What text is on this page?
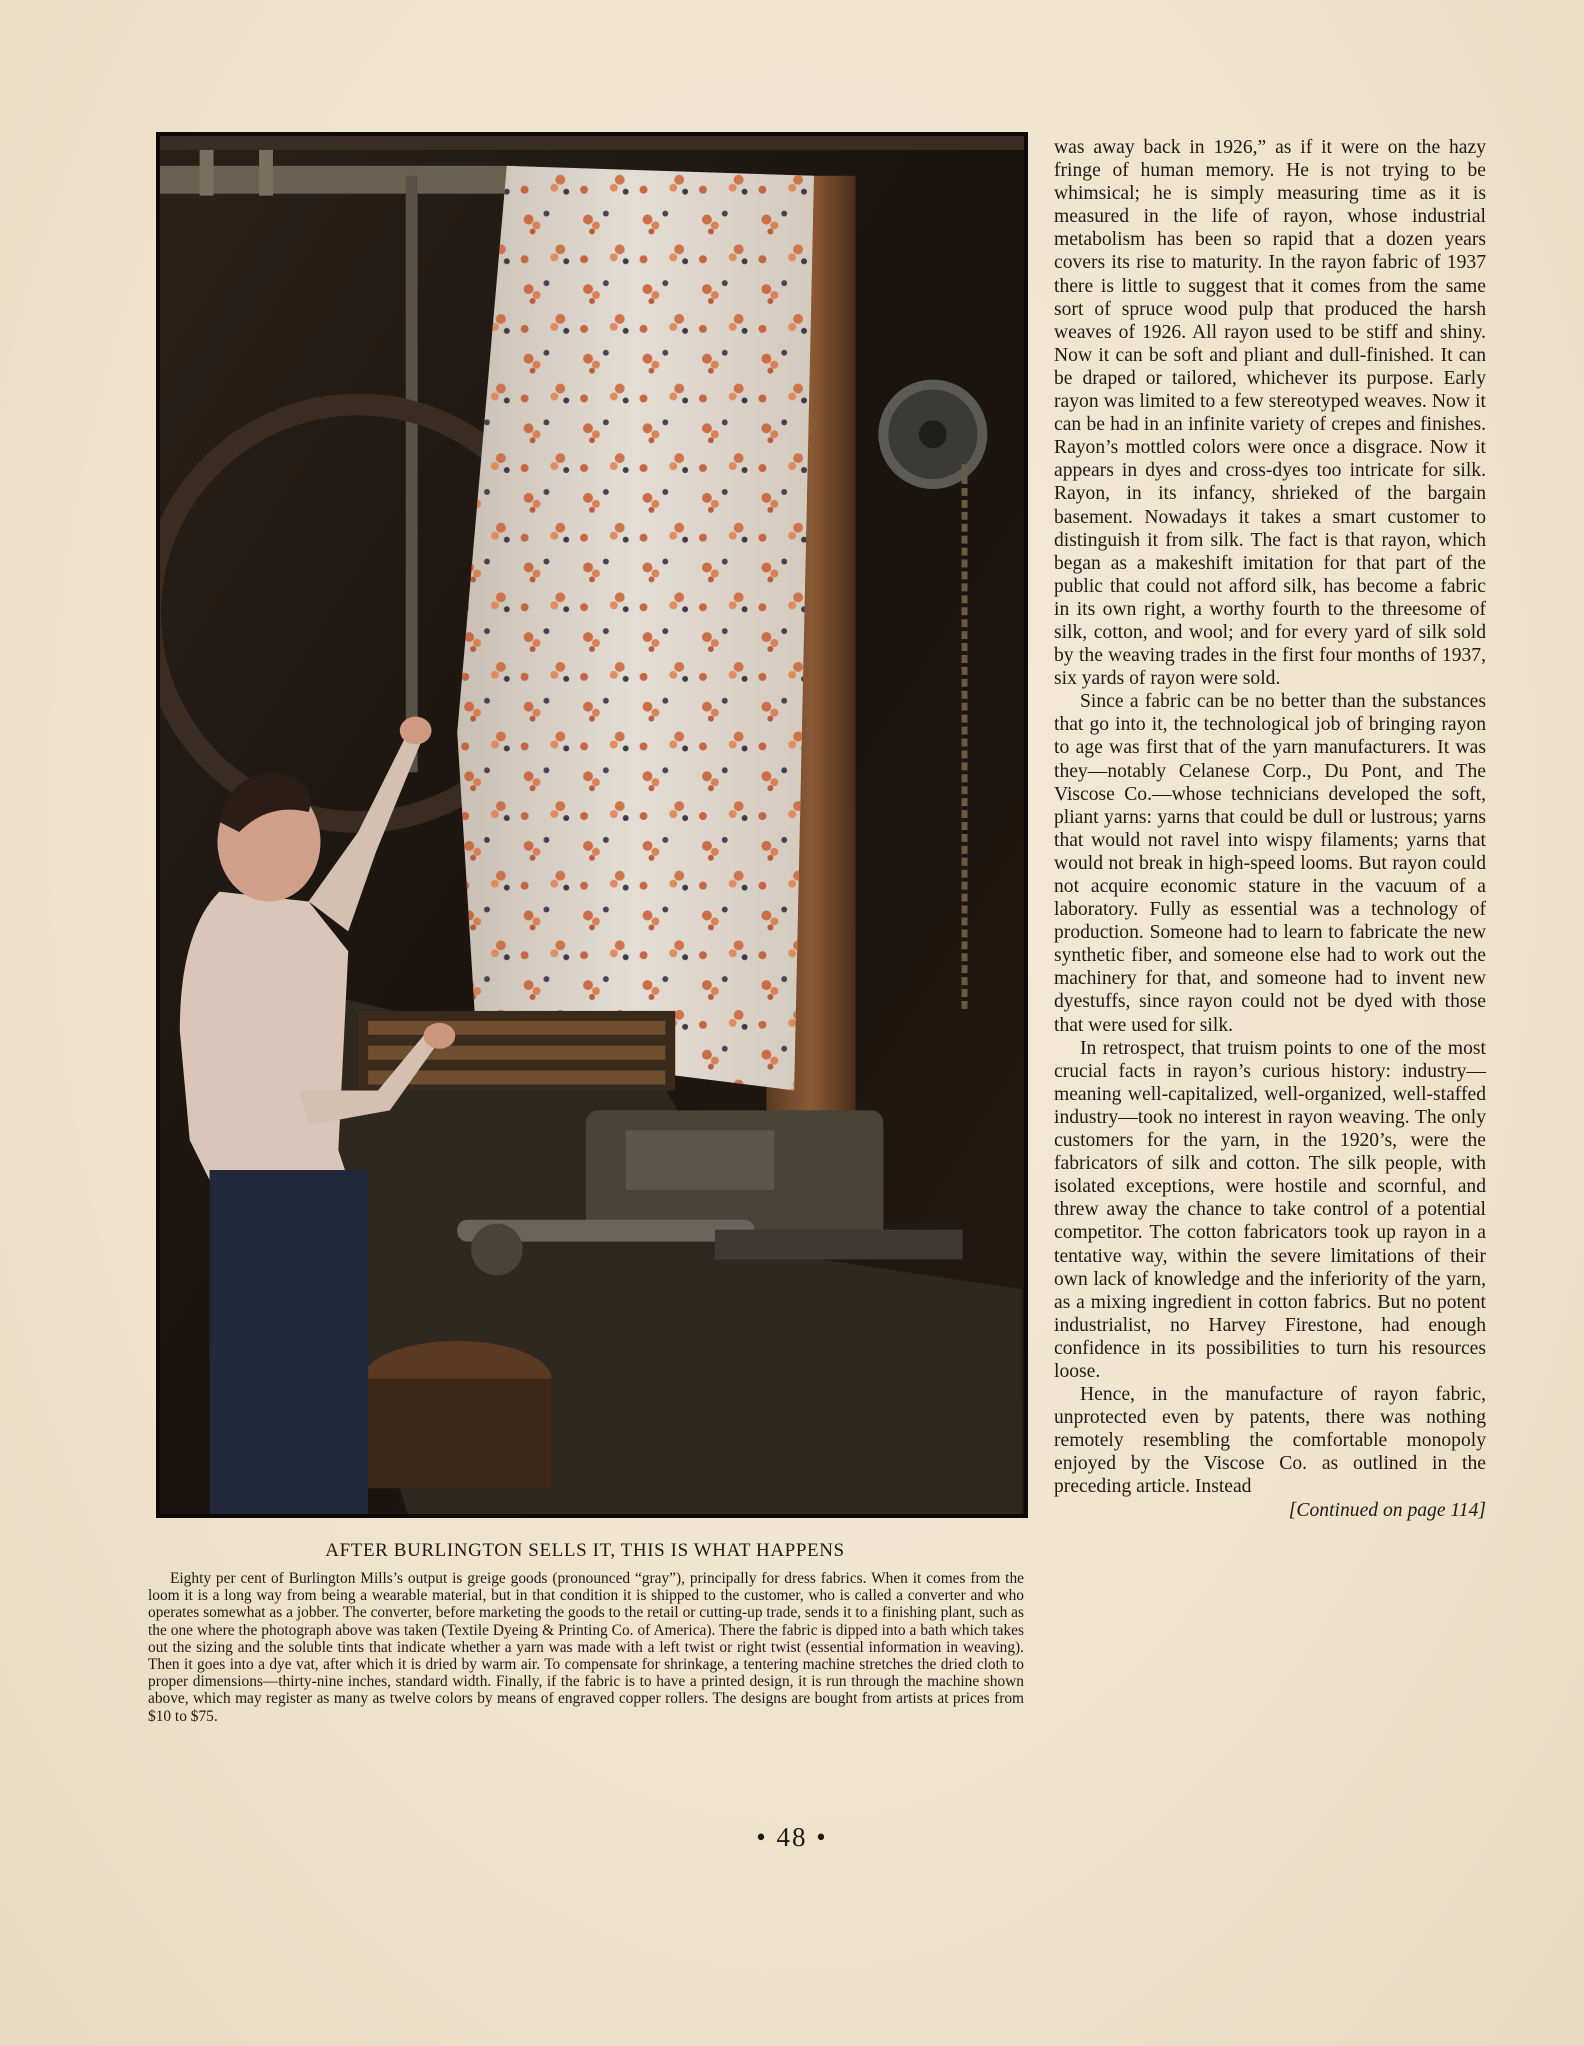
AFTER BURLINGTON SELLS IT, THIS IS WHAT HAPPENS

Eighty per cent of Burlington Mills’s output is greige goods (pronounced “gray”), principally for dress fabrics. When it comes from the loom it is a long way from being a wearable material, but in that condition it is shipped to the customer, who is called a converter and who operates somewhat as a jobber. The converter, before marketing the goods to the retail or cutting-up trade, sends it to a finishing plant, such as the one where the photograph above was taken (Textile Dyeing & Printing Co. of America). There the fabric is dipped into a bath which takes out the sizing and the soluble tints that indicate whether a yarn was made with a left twist or right twist (essential information in weaving). Then it goes into a dye vat, after which it is dried by warm air. To compensate for shrinkage, a tentering machine stretches the dried cloth to proper dimensions—thirty-nine inches, standard width. Finally, if the fabric is to have a printed design, it is run through the machine shown above, which may register as many as twelve colors by means of engraved copper rollers. The designs are bought from artists at prices from $10 to $75.

was away back in 1926,” as if it were on the hazy fringe of human memory. He is not trying to be whimsical; he is simply measuring time as it is measured in the life of rayon, whose industrial metabolism has been so rapid that a dozen years covers its rise to maturity. In the rayon fabric of 1937 there is little to suggest that it comes from the same sort of spruce wood pulp that produced the harsh weaves of 1926. All rayon used to be stiff and shiny. Now it can be soft and pliant and dull-finished. It can be draped or tailored, whichever its purpose. Early rayon was limited to a few stereotyped weaves. Now it can be had in an infinite variety of crepes and finishes. Rayon’s mottled colors were once a disgrace. Now it appears in dyes and cross-dyes too intricate for silk. Rayon, in its infancy, shrieked of the bargain basement. Nowadays it takes a smart customer to distinguish it from silk. The fact is that rayon, which began as a makeshift imitation for that part of the public that could not afford silk, has become a fabric in its own right, a worthy fourth to the threesome of silk, cotton, and wool; and for every yard of silk sold by the weaving trades in the first four months of 1937, six yards of rayon were sold.

Since a fabric can be no better than the substances that go into it, the technological job of bringing rayon to age was first that of the yarn manufacturers. It was they—notably Celanese Corp., Du Pont, and The Viscose Co.—whose technicians developed the soft, pliant yarns: yarns that could be dull or lustrous; yarns that would not ravel into wispy filaments; yarns that would not break in high-speed looms. But rayon could not acquire economic stature in the vacuum of a laboratory. Fully as essential was a technology of production. Someone had to learn to fabricate the new synthetic fiber, and someone else had to work out the machinery for that, and someone had to invent new dyestuffs, since rayon could not be dyed with those that were used for silk.

In retrospect, that truism points to one of the most crucial facts in rayon’s curious history: industry—meaning well-capitalized, well-organized, well-staffed industry—took no interest in rayon weaving. The only customers for the yarn, in the 1920’s, were the fabricators of silk and cotton. The silk people, with isolated exceptions, were hostile and scornful, and threw away the chance to take control of a potential competitor. The cotton fabricators took up rayon in a tentative way, within the severe limitations of their own lack of knowledge and the inferiority of the yarn, as a mixing ingredient in cotton fabrics. But no potent industrialist, no Harvey Firestone, had enough confidence in its possibilities to turn his resources loose.

Hence, in the manufacture of rayon fabric, unprotected even by patents, there was nothing remotely resembling the comfortable monopoly enjoyed by the Viscose Co. as outlined in the preceding article. Instead

[Continued on page 114]
• 48 •
